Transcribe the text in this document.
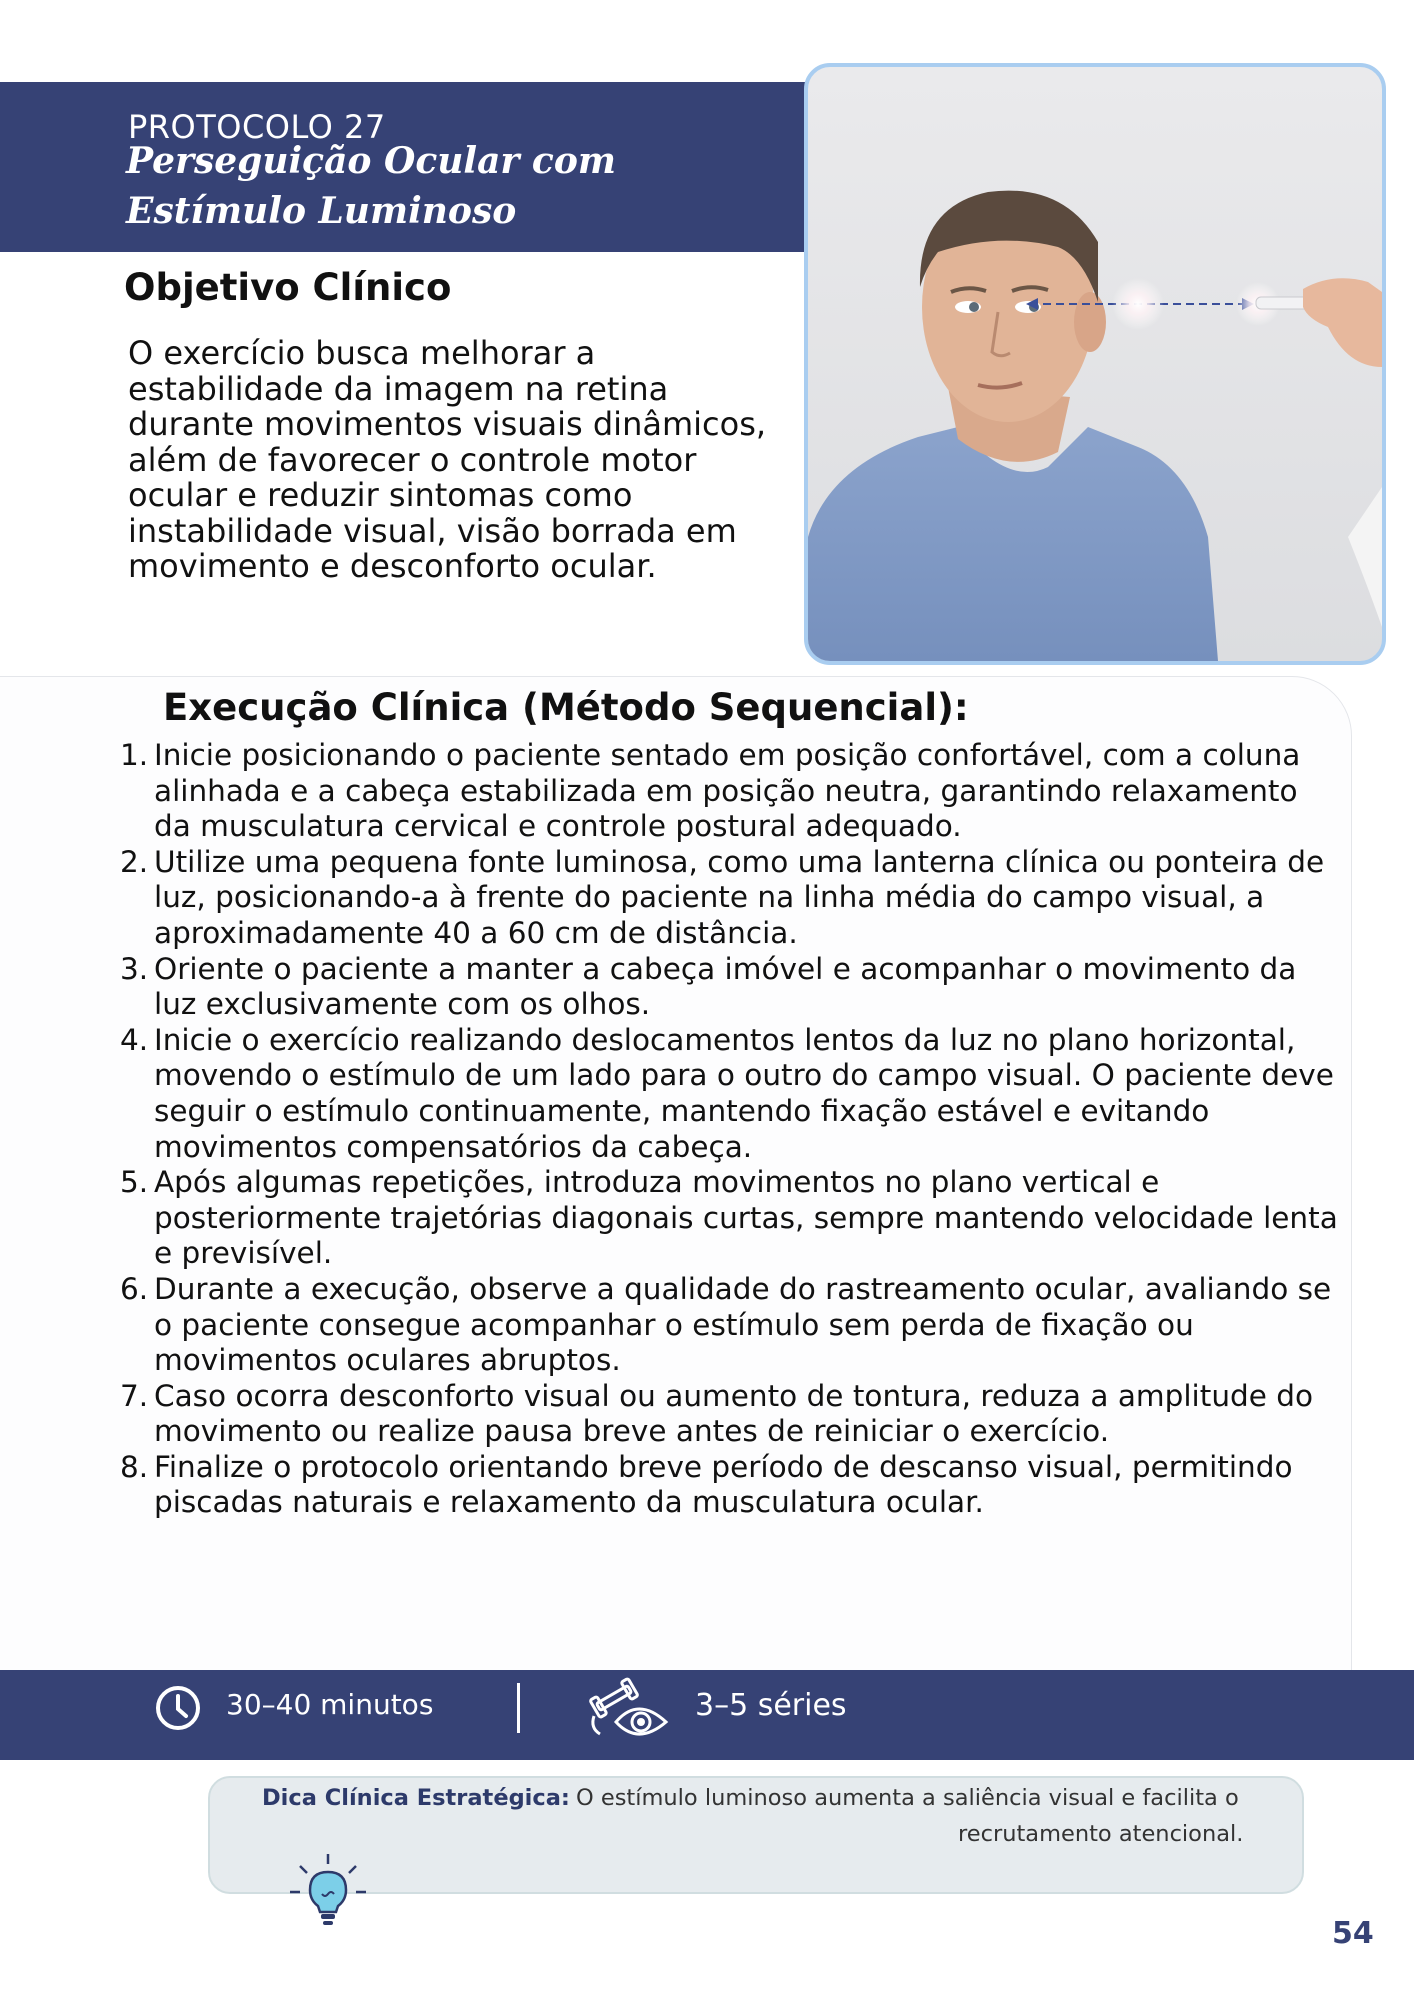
PROTOCOLO 27
Perseguição Ocular com
Estímulo Luminoso
Objetivo Clínico
O exercício busca melhorar a estabilidade da imagem na retina durante movimentos visuais dinâmicos, além de favorecer o controle motor ocular e reduzir sintomas como instabilidade visual, visão borrada em movimento e desconforto ocular.
Execução Clínica (Método Sequencial):
1. Inicie posicionando o paciente sentado em posição confortável, com a coluna alinhada e a cabeça estabilizada em posição neutra, garantindo relaxamento da musculatura cervical e controle postural adequado.
2. Utilize uma pequena fonte luminosa, como uma lanterna clínica ou ponteira de luz, posicionando-a à frente do paciente na linha média do campo visual, a aproximadamente 40 a 60 cm de distância.
3. Oriente o paciente a manter a cabeça imóvel e acompanhar o movimento da luz exclusivamente com os olhos.
4. Inicie o exercício realizando deslocamentos lentos da luz no plano horizontal, movendo o estímulo de um lado para o outro do campo visual. O paciente deve seguir o estímulo continuamente, mantendo fixação estável e evitando movimentos compensatórios da cabeça.
5. Após algumas repetições, introduza movimentos no plano vertical e posteriormente trajetórias diagonais curtas, sempre mantendo velocidade lenta e previsível.
6. Durante a execução, observe a qualidade do rastreamento ocular, avaliando se o paciente consegue acompanhar o estímulo sem perda de fixação ou movimentos oculares abruptos.
7. Caso ocorra desconforto visual ou aumento de tontura, reduza a amplitude do movimento ou realize pausa breve antes de reiniciar o exercício.
8. Finalize o protocolo orientando breve período de descanso visual, permitindo piscadas naturais e relaxamento da musculatura ocular.
30–40 minutos	3–5 séries
Dica Clínica Estratégica: O estímulo luminoso aumenta a saliência visual e facilita o
recrutamento atencional.
54
